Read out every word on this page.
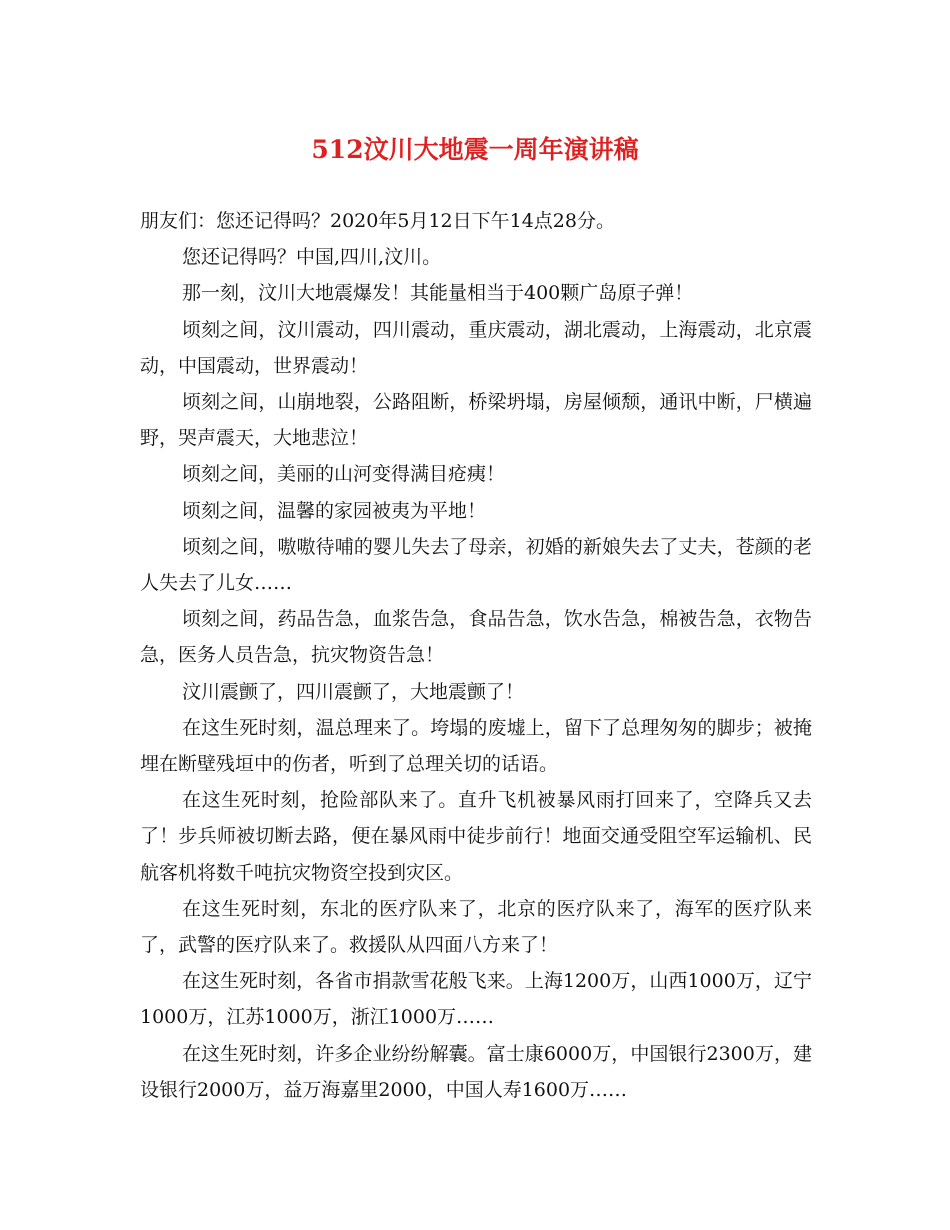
512汶川大地震一周年演讲稿

朋友们：您还记得吗？2020年5月12日下午14点28分。

您还记得吗？中国,四川,汶川。

那一刻，汶川大地震爆发！其能量相当于400颗广岛原子弹！

顷刻之间，汶川震动，四川震动，重庆震动，湖北震动，上海震动，北京震动，中国震动，世界震动！

顷刻之间，山崩地裂，公路阻断，桥梁坍塌，房屋倾颓，通讯中断，尸横遍野，哭声震天，大地悲泣！

顷刻之间，美丽的山河变得满目疮痍！

顷刻之间，温馨的家园被夷为平地！

顷刻之间，嗷嗷待哺的婴儿失去了母亲，初婚的新娘失去了丈夫，苍颜的老人失去了儿女……

顷刻之间，药品告急，血浆告急，食品告急，饮水告急，棉被告急，衣物告急，医务人员告急，抗灾物资告急！

汶川震颤了，四川震颤了，大地震颤了！

在这生死时刻，温总理来了。垮塌的废墟上，留下了总理匆匆的脚步；被掩埋在断壁残垣中的伤者，听到了总理关切的话语。

在这生死时刻，抢险部队来了。直升飞机被暴风雨打回来了，空降兵又去了！步兵师被切断去路，便在暴风雨中徒步前行！地面交通受阻空军运输机、民航客机将数千吨抗灾物资空投到灾区。

在这生死时刻，东北的医疗队来了，北京的医疗队来了，海军的医疗队来了，武警的医疗队来了。救援队从四面八方来了！

在这生死时刻，各省市捐款雪花般飞来。上海1200万，山西1000万，辽宁1000万，江苏1000万，浙江1000万……

在这生死时刻，许多企业纷纷解囊。富士康6000万，中国银行2300万，建设银行2000万，益万海嘉里2000，中国人寿1600万……
